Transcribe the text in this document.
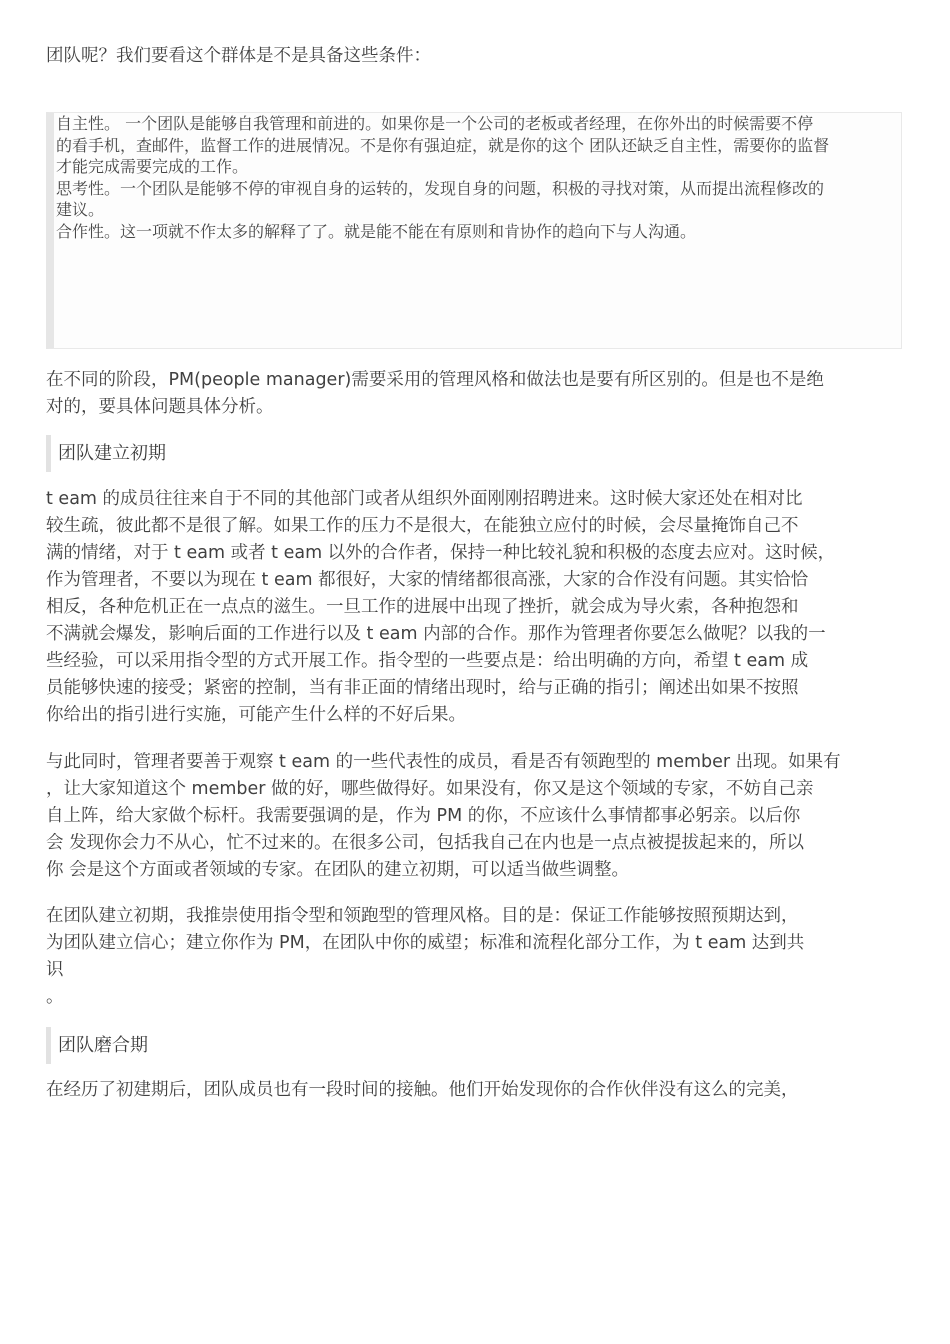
团队呢？我们要看这个群体是不是具备这些条件：

自主性。 一个团队是能够自我管理和前进的。如果你是一个公司的老板或者经理，在你外出的时候需要不停
的看手机，查邮件，监督工作的进展情况。不是你有强迫症，就是你的这个 团队还缺乏自主性，需要你的监督
才能完成需要完成的工作。

思考性。一个团队是能够不停的审视自身的运转的，发现自身的问题，积极的寻找对策，从而提出流程修改的
建议。

合作性。这一项就不作太多的解释了了。就是能不能在有原则和肯协作的趋向下与人沟通。

在不同的阶段，PM(people manager)需要采用的管理风格和做法也是要有所区别的。但是也不是绝
对的，要具体问题具体分析。

团队建立初期

t eam 的成员往往来自于不同的其他部门或者从组织外面刚刚招聘进来。这时候大家还处在相对比
较生疏，彼此都不是很了解。如果工作的压力不是很大，在能独立应付的时候，会尽量掩饰自己不
满的情绪，对于 t eam 或者 t eam 以外的合作者，保持一种比较礼貌和积极的态度去应对。这时候，
作为管理者，不要以为现在 t eam 都很好，大家的情绪都很高涨，大家的合作没有问题。其实恰恰
相反，各种危机正在一点点的滋生。一旦工作的进展中出现了挫折，就会成为导火索，各种抱怨和
不满就会爆发，影响后面的工作进行以及 t eam 内部的合作。那作为管理者你要怎么做呢？以我的一
些经验，可以采用指令型的方式开展工作。指令型的一些要点是：给出明确的方向，希望 t eam 成
员能够快速的接受；紧密的控制，当有非正面的情绪出现时，给与正确的指引；阐述出如果不按照
你给出的指引进行实施，可能产生什么样的不好后果。

与此同时，管理者要善于观察 t eam 的一些代表性的成员，看是否有领跑型的 member 出现。如果有
，让大家知道这个 member 做的好，哪些做得好。如果没有，你又是这个领域的专家，不妨自己亲
自上阵，给大家做个标杆。我需要强调的是，作为 PM 的你，不应该什么事情都事必躬亲。以后你
会 发现你会力不从心，忙不过来的。在很多公司，包括我自己在内也是一点点被提拔起来的，所以
你 会是这个方面或者领域的专家。在团队的建立初期，可以适当做些调整。

在团队建立初期，我推崇使用指令型和领跑型的管理风格。目的是：保证工作能够按照预期达到，
为团队建立信心；建立你作为 PM，在团队中你的威望；标准和流程化部分工作，为 t eam 达到共
识
。

团队磨合期

在经历了初建期后，团队成员也有一段时间的接触。他们开始发现你的合作伙伴没有这么的完美，
